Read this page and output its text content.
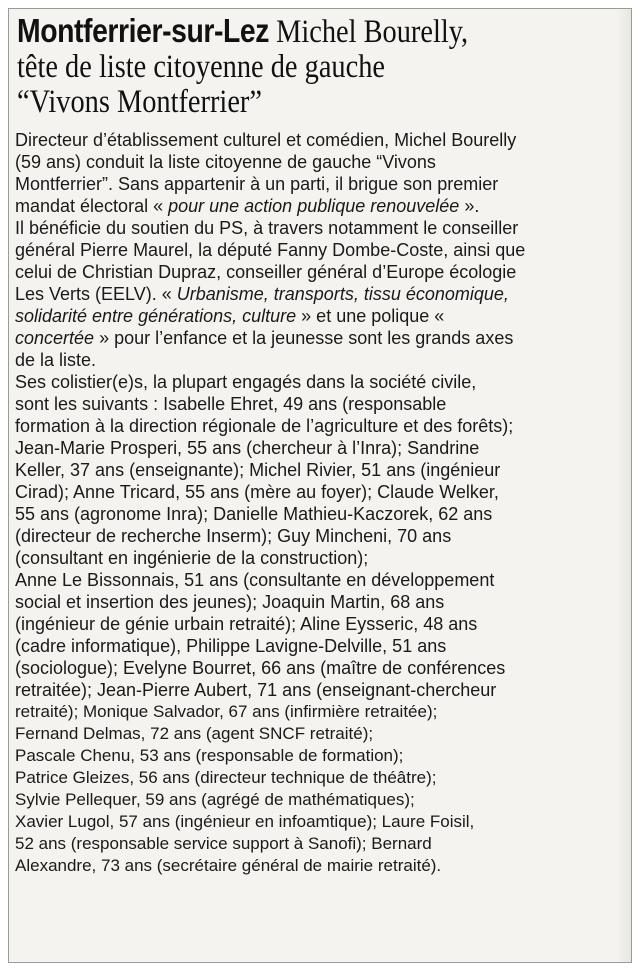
Montferrier-sur-Lez Michel Bourelly,
tête de liste citoyenne de gauche
“Vivons Montferrier”
Directeur d’établissement culturel et comédien, Michel Bourelly
(59 ans) conduit la liste citoyenne de gauche “Vivons
Montferrier”. Sans appartenir à un parti, il brigue son premier
mandat électoral « pour une action publique renouvelée ».
Il bénéficie du soutien du PS, à travers notamment le conseiller
général Pierre Maurel, la député Fanny Dombe-Coste, ainsi que
celui de Christian Dupraz, conseiller général d’Europe écologie
Les Verts (EELV). « Urbanisme, transports, tissu économique,
solidarité entre générations, culture » et une polique «
concertée » pour l’enfance et la jeunesse sont les grands axes
de la liste.
Ses colistier(e)s, la plupart engagés dans la société civile,
sont les suivants : Isabelle Ehret, 49 ans (responsable
formation à la direction régionale de l’agriculture et des forêts);
Jean-Marie Prosperi, 55 ans (chercheur à l’Inra); Sandrine
Keller, 37 ans (enseignante); Michel Rivier, 51 ans (ingénieur
Cirad); Anne Tricard, 55 ans (mère au foyer); Claude Welker,
55 ans (agronome Inra); Danielle Mathieu-Kaczorek, 62 ans
(directeur de recherche Inserm); Guy Mincheni, 70 ans
(consultant en ingénierie de la construction);
Anne Le Bissonnais, 51 ans (consultante en développement
social et insertion des jeunes); Joaquin Martin, 68 ans
(ingénieur de génie urbain retraité); Aline Eysseric, 48 ans
(cadre informatique), Philippe Lavigne-Delville, 51 ans
(sociologue); Evelyne Bourret, 66 ans (maître de conférences
retraitée); Jean-Pierre Aubert, 71 ans (enseignant-chercheur
retraité); Monique Salvador, 67 ans (infirmière retraitée);
Fernand Delmas, 72 ans (agent SNCF retraité);
Pascale Chenu, 53 ans (responsable de formation);
Patrice Gleizes, 56 ans (directeur technique de théâtre);
Sylvie Pellequer, 59 ans (agrégé de mathématiques);
Xavier Lugol, 57 ans (ingénieur en infoamtique); Laure Foisil,
52 ans (responsable service support à Sanofi); Bernard
Alexandre, 73 ans (secrétaire général de mairie retraité).
